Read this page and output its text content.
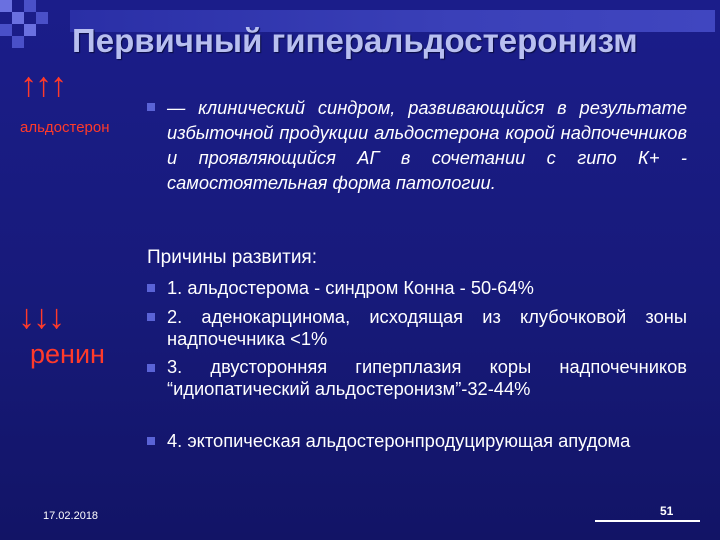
Первичный гиперальдостеронизм
↑↑↑
альдостерон
↓↓↓
ренин
— клинический синдром, развивающийся в результате избыточной продукции альдостерона корой надпочечников и проявляющийся АГ в сочетании с гипо К+ - самостоятельная форма патологии.
Причины развития:
1. альдостерома - синдром Конна - 50-64%
2. аденокарцинома, исходящая из клубочковой зоны надпочечника <1%
3. двусторонняя гиперплазия коры надпочечников “идиопатический альдостеронизм”-32-44%
4. эктопическая альдостеронпродуцирующая апудома
17.02.2018	51
